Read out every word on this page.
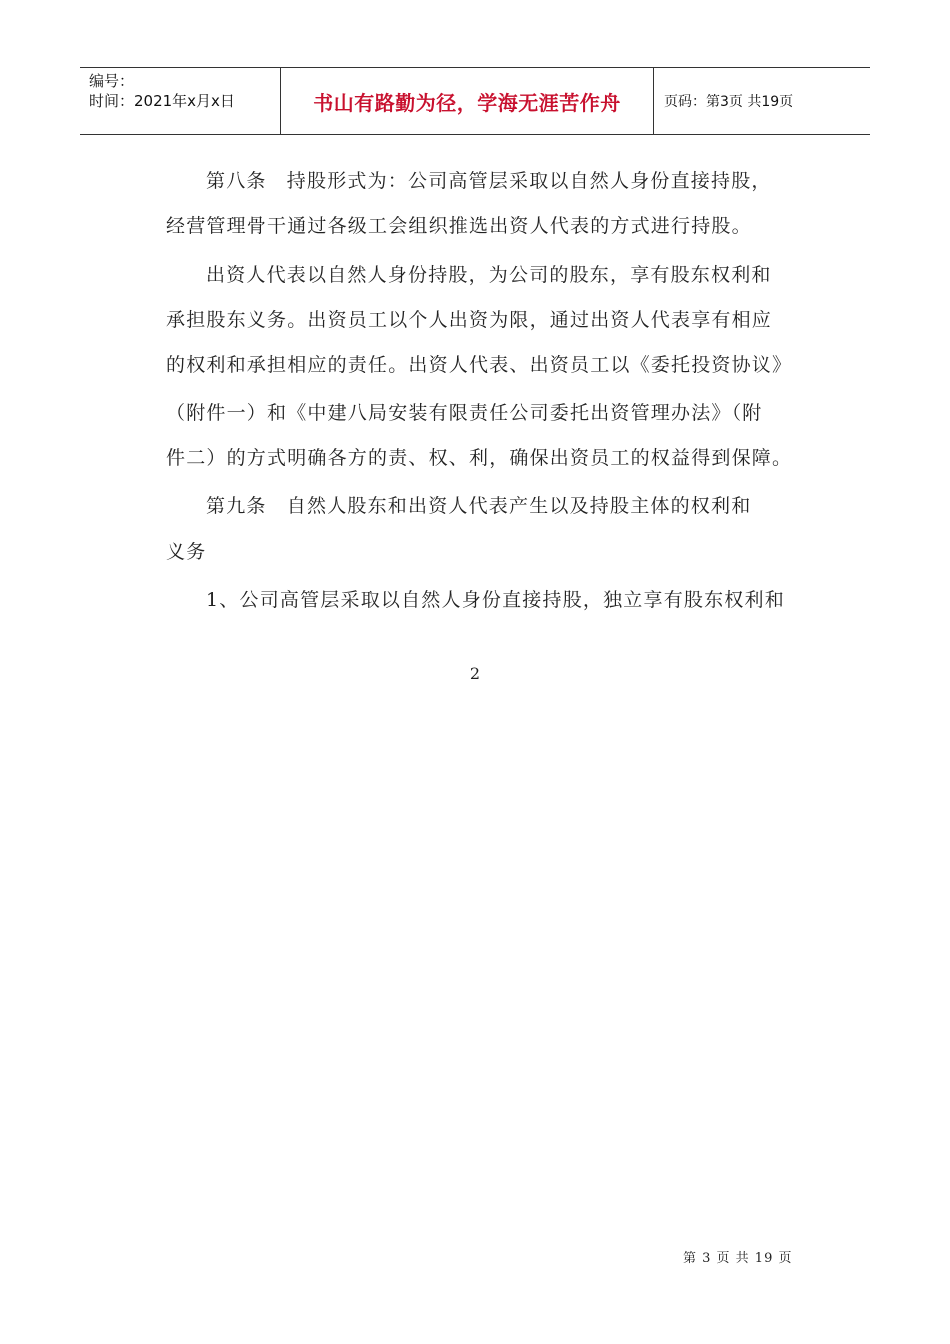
编号：
时间：2021年x月x日	书山有路勤为径，学海无涯苦作舟	页码：第3页 共19页
第八条　持股形式为：公司高管层采取以自然人身份直接持股，
经营管理骨干通过各级工会组织推选出资人代表的方式进行持股。
出资人代表以自然人身份持股，为公司的股东，享有股东权利和
承担股东义务。出资员工以个人出资为限，通过出资人代表享有相应
的权利和承担相应的责任。出资人代表、出资员工以《委托投资协议》
（附件一）和《中建八局安装有限责任公司委托出资管理办法》（附
件二）的方式明确各方的责、权、利，确保出资员工的权益得到保障。
第九条　自然人股东和出资人代表产生以及持股主体的权利和
义务
1、公司高管层采取以自然人身份直接持股，独立享有股东权利和
2
第 3 页 共 19 页
